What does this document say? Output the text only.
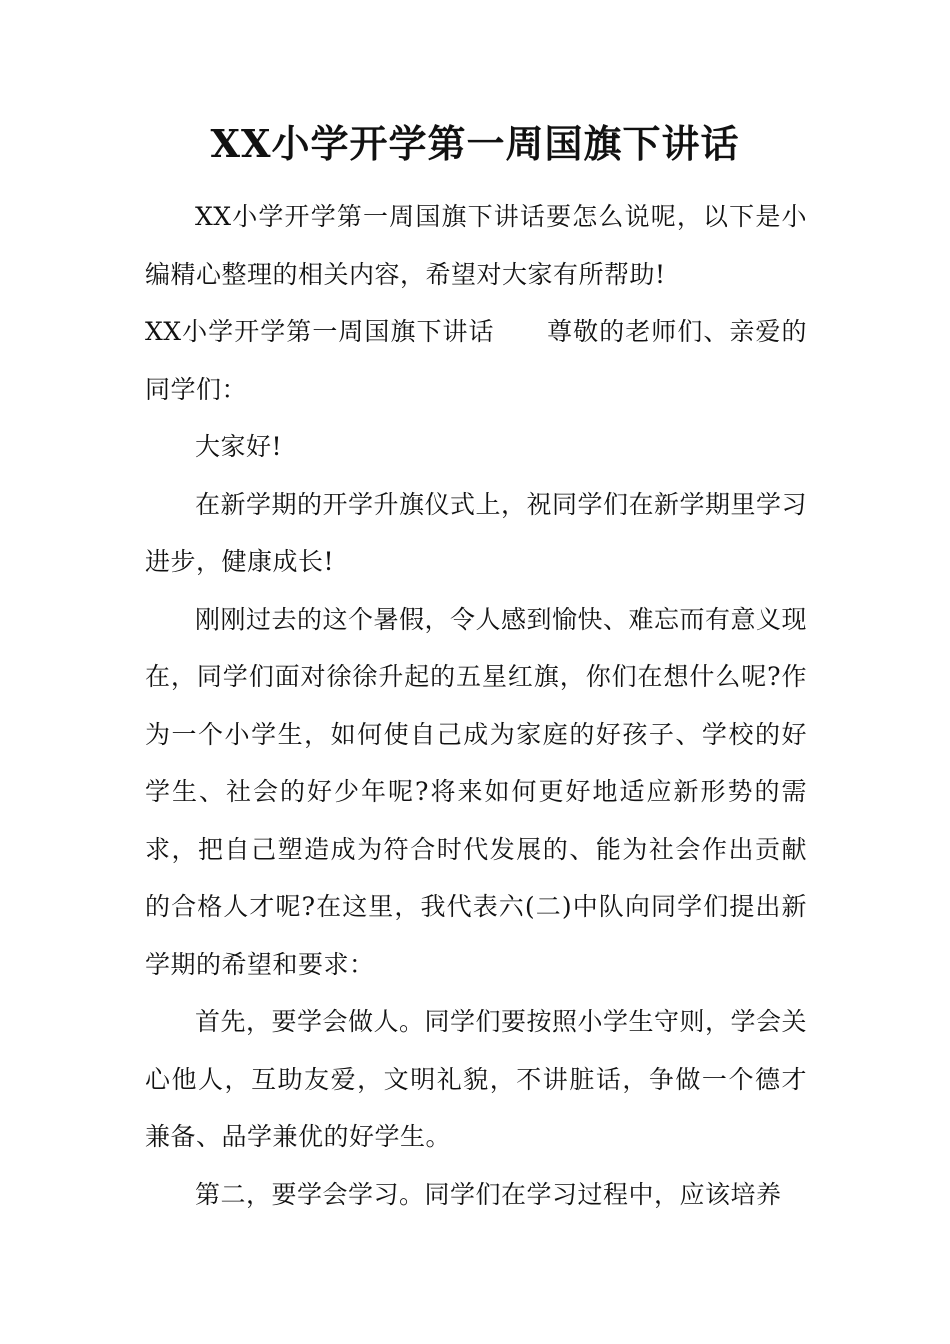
XX小学开学第一周国旗下讲话

XX小学开学第一周国旗下讲话要怎么说呢，以下是小编精心整理的相关内容，希望对大家有所帮助!

XX小学开学第一周国旗下讲话 尊敬的老师们、亲爱的同学们：

大家好!

在新学期的开学升旗仪式上，祝同学们在新学期里学习进步，健康成长!

刚刚过去的这个暑假，令人感到愉快、难忘而有意义现在，同学们面对徐徐升起的五星红旗，你们在想什么呢?作为一个小学生，如何使自己成为家庭的好孩子、学校的好学生、社会的好少年呢?将来如何更好地适应新形势的需求，把自己塑造成为符合时代发展的、能为社会作出贡献的合格人才呢?在这里，我代表六(二)中队向同学们提出新学期的希望和要求：

首先，要学会做人。同学们要按照小学生守则，学会关心他人，互助友爱，文明礼貌，不讲脏话，争做一个德才兼备、品学兼优的好学生。

第二，要学会学习。同学们在学习过程中，应该培养
